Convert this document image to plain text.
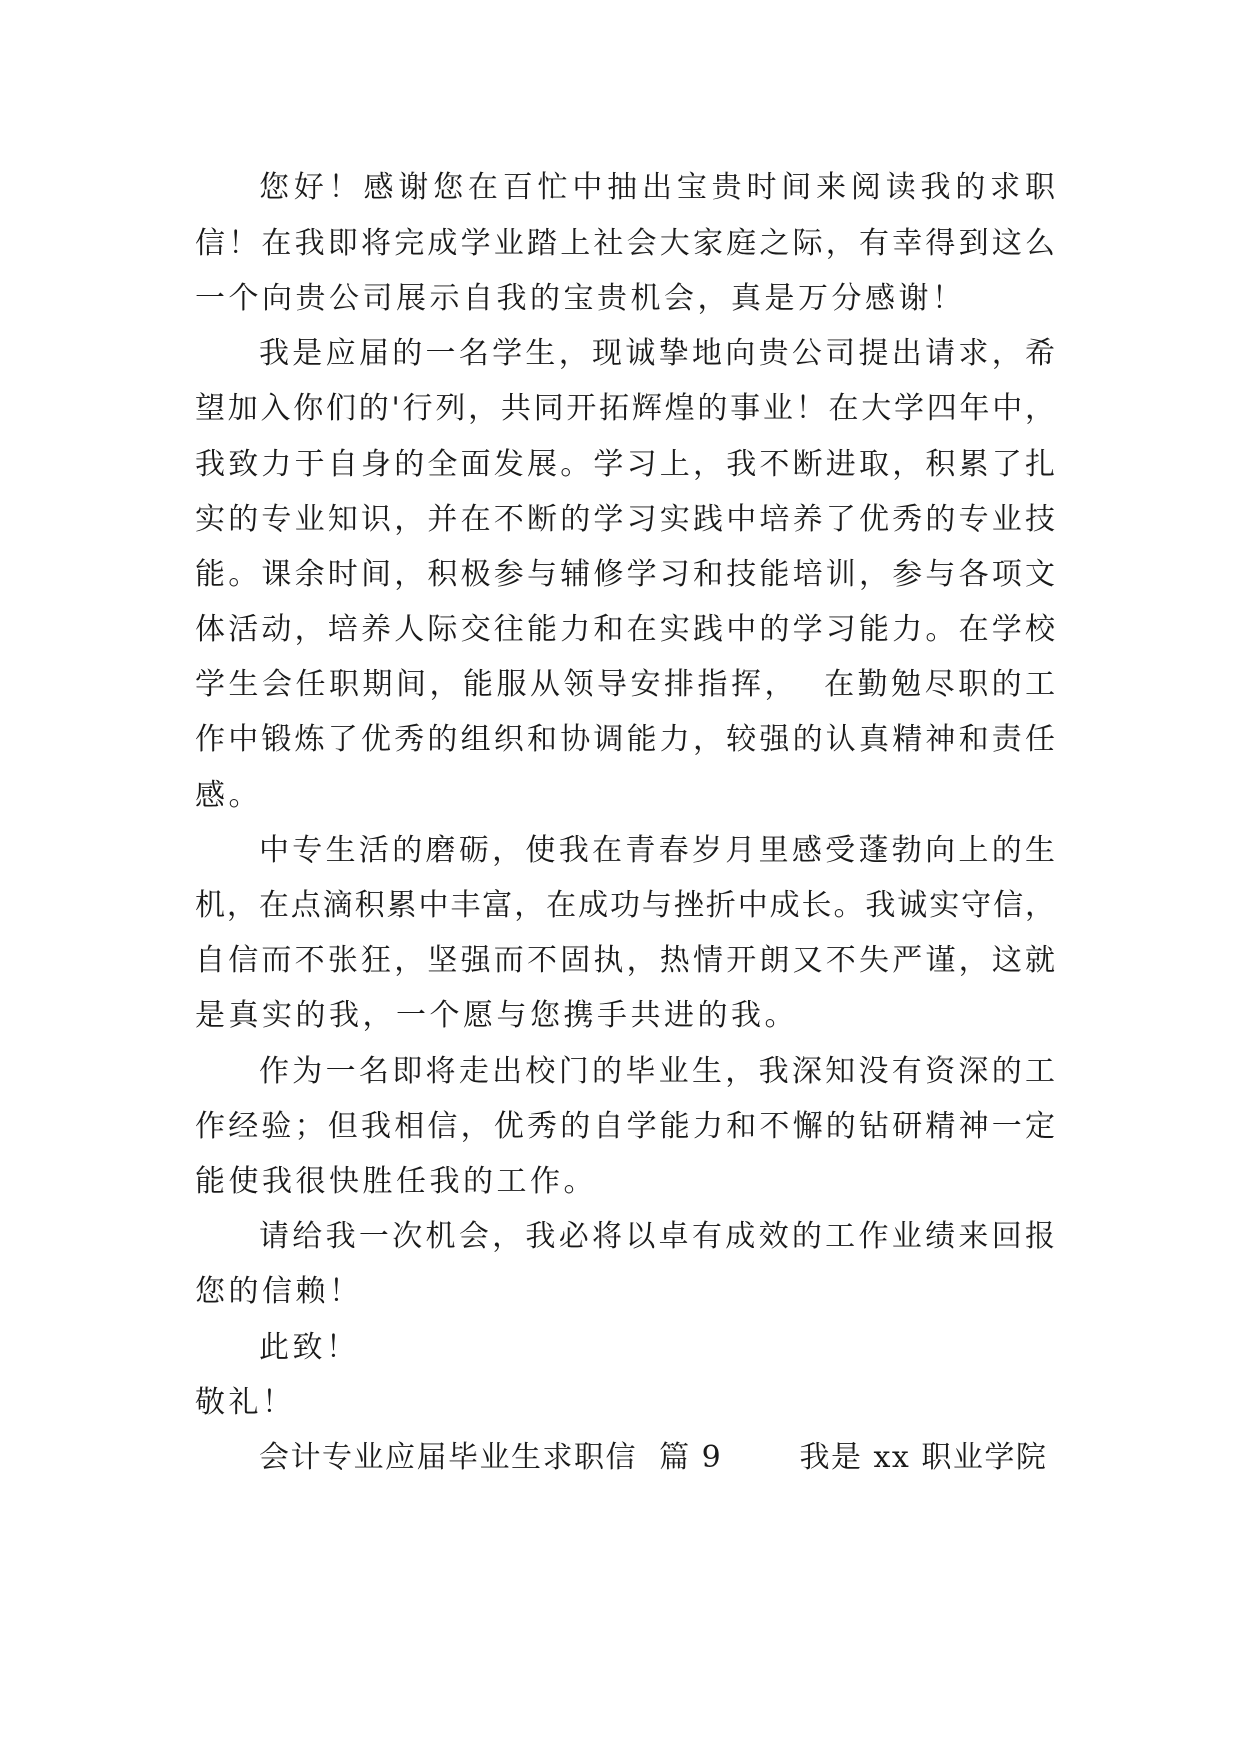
您好！感谢您在百忙中抽出宝贵时间来阅读我的求职
信！在我即将完成学业踏上社会大家庭之际，有幸得到这么
一个向贵公司展示自我的宝贵机会，真是万分感谢！
我是应届的一名学生，现诚挚地向贵公司提出请求，希
望加入你们的'行列，共同开拓辉煌的事业！在大学四年中，
我致力于自身的全面发展。学习上，我不断进取，积累了扎
实的专业知识，并在不断的学习实践中培养了优秀的专业技
能。课余时间，积极参与辅修学习和技能培训，参与各项文
体活动，培养人际交往能力和在实践中的学习能力。在学校
学生会任职期间，能服从领导安排指挥，  在勤勉尽职的工
作中锻炼了优秀的组织和协调能力，较强的认真精神和责任
感。
中专生活的磨砺，使我在青春岁月里感受蓬勃向上的生
机，在点滴积累中丰富，在成功与挫折中成长。我诚实守信，
自信而不张狂，坚强而不固执，热情开朗又不失严谨，这就
是真实的我，一个愿与您携手共进的我。
作为一名即将走出校门的毕业生，我深知没有资深的工
作经验；但我相信，优秀的自学能力和不懈的钻研精神一定
能使我很快胜任我的工作。
请给我一次机会，我必将以卓有成效的工作业绩来回报
您的信赖！
此致！
敬礼！
会计专业应届毕业生求职信  篇 9       我是 xx 职业学院
